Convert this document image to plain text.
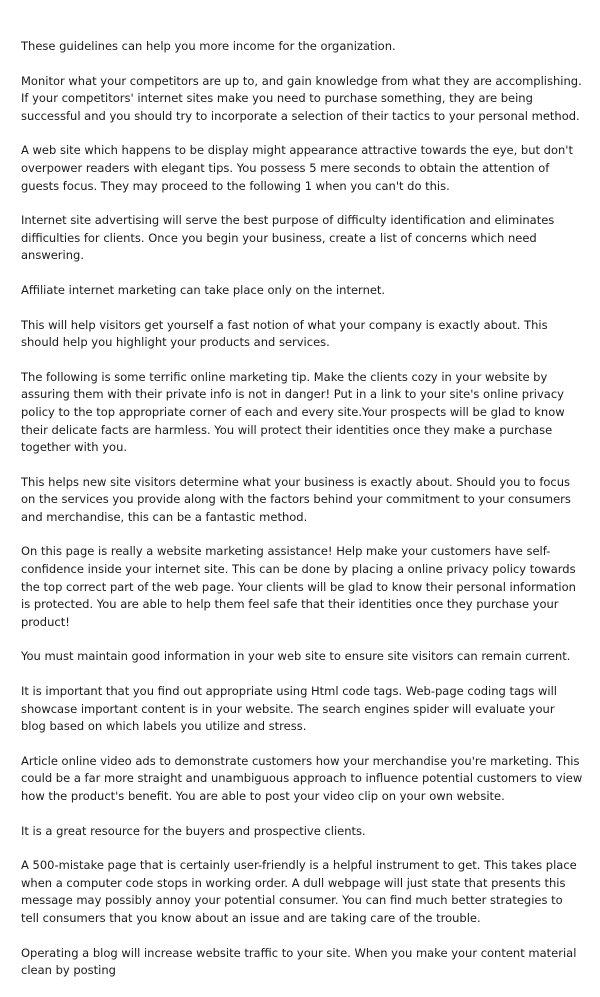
These guidelines can help you more income for the organization.

Monitor what your competitors are up to, and gain knowledge from what they are accomplishing. If your competitors' internet sites make you need to purchase something, they are being successful and you should try to incorporate a selection of their tactics to your personal method.

A web site which happens to be display might appearance attractive towards the eye, but don't overpower readers with elegant tips. You possess 5 mere seconds to obtain the attention of guests focus. They may proceed to the following 1 when you can't do this.

Internet site advertising will serve the best purpose of difficulty identification and eliminates difficulties for clients. Once you begin your business, create a list of concerns which need answering.

Affiliate internet marketing can take place only on the internet.

This will help visitors get yourself a fast notion of what your company is exactly about. This should help you highlight your products and services.

The following is some terrific online marketing tip. Make the clients cozy in your website by assuring them with their private info is not in danger! Put in a link to your site's online privacy policy to the top appropriate corner of each and every site.Your prospects will be glad to know their delicate facts are harmless. You will protect their identities once they make a purchase together with you.

This helps new site visitors determine what your business is exactly about. Should you to focus on the services you provide along with the factors behind your commitment to your consumers and merchandise, this can be a fantastic method.

On this page is really a website marketing assistance! Help make your customers have self-confidence inside your internet site. This can be done by placing a online privacy policy towards the top correct part of the web page. Your clients will be glad to know their personal information is protected. You are able to help them feel safe that their identities once they purchase your product!

You must maintain good information in your web site to ensure site visitors can remain current.

It is important that you find out appropriate using Html code tags. Web-page coding tags will showcase important content is in your website. The search engines spider will evaluate your blog based on which labels you utilize and stress.

Article online video ads to demonstrate customers how your merchandise you're marketing. This could be a far more straight and unambiguous approach to influence potential customers to view how the product's benefit. You are able to post your video clip on your own website.

It is a great resource for the buyers and prospective clients.

A 500-mistake page that is certainly user-friendly is a helpful instrument to get. This takes place when a computer code stops in working order. A dull webpage will just state that presents this message may possibly annoy your potential consumer. You can find much better strategies to tell consumers that you know about an issue and are taking care of the trouble.

Operating a blog will increase website traffic to your site. When you make your content material clean by posting
